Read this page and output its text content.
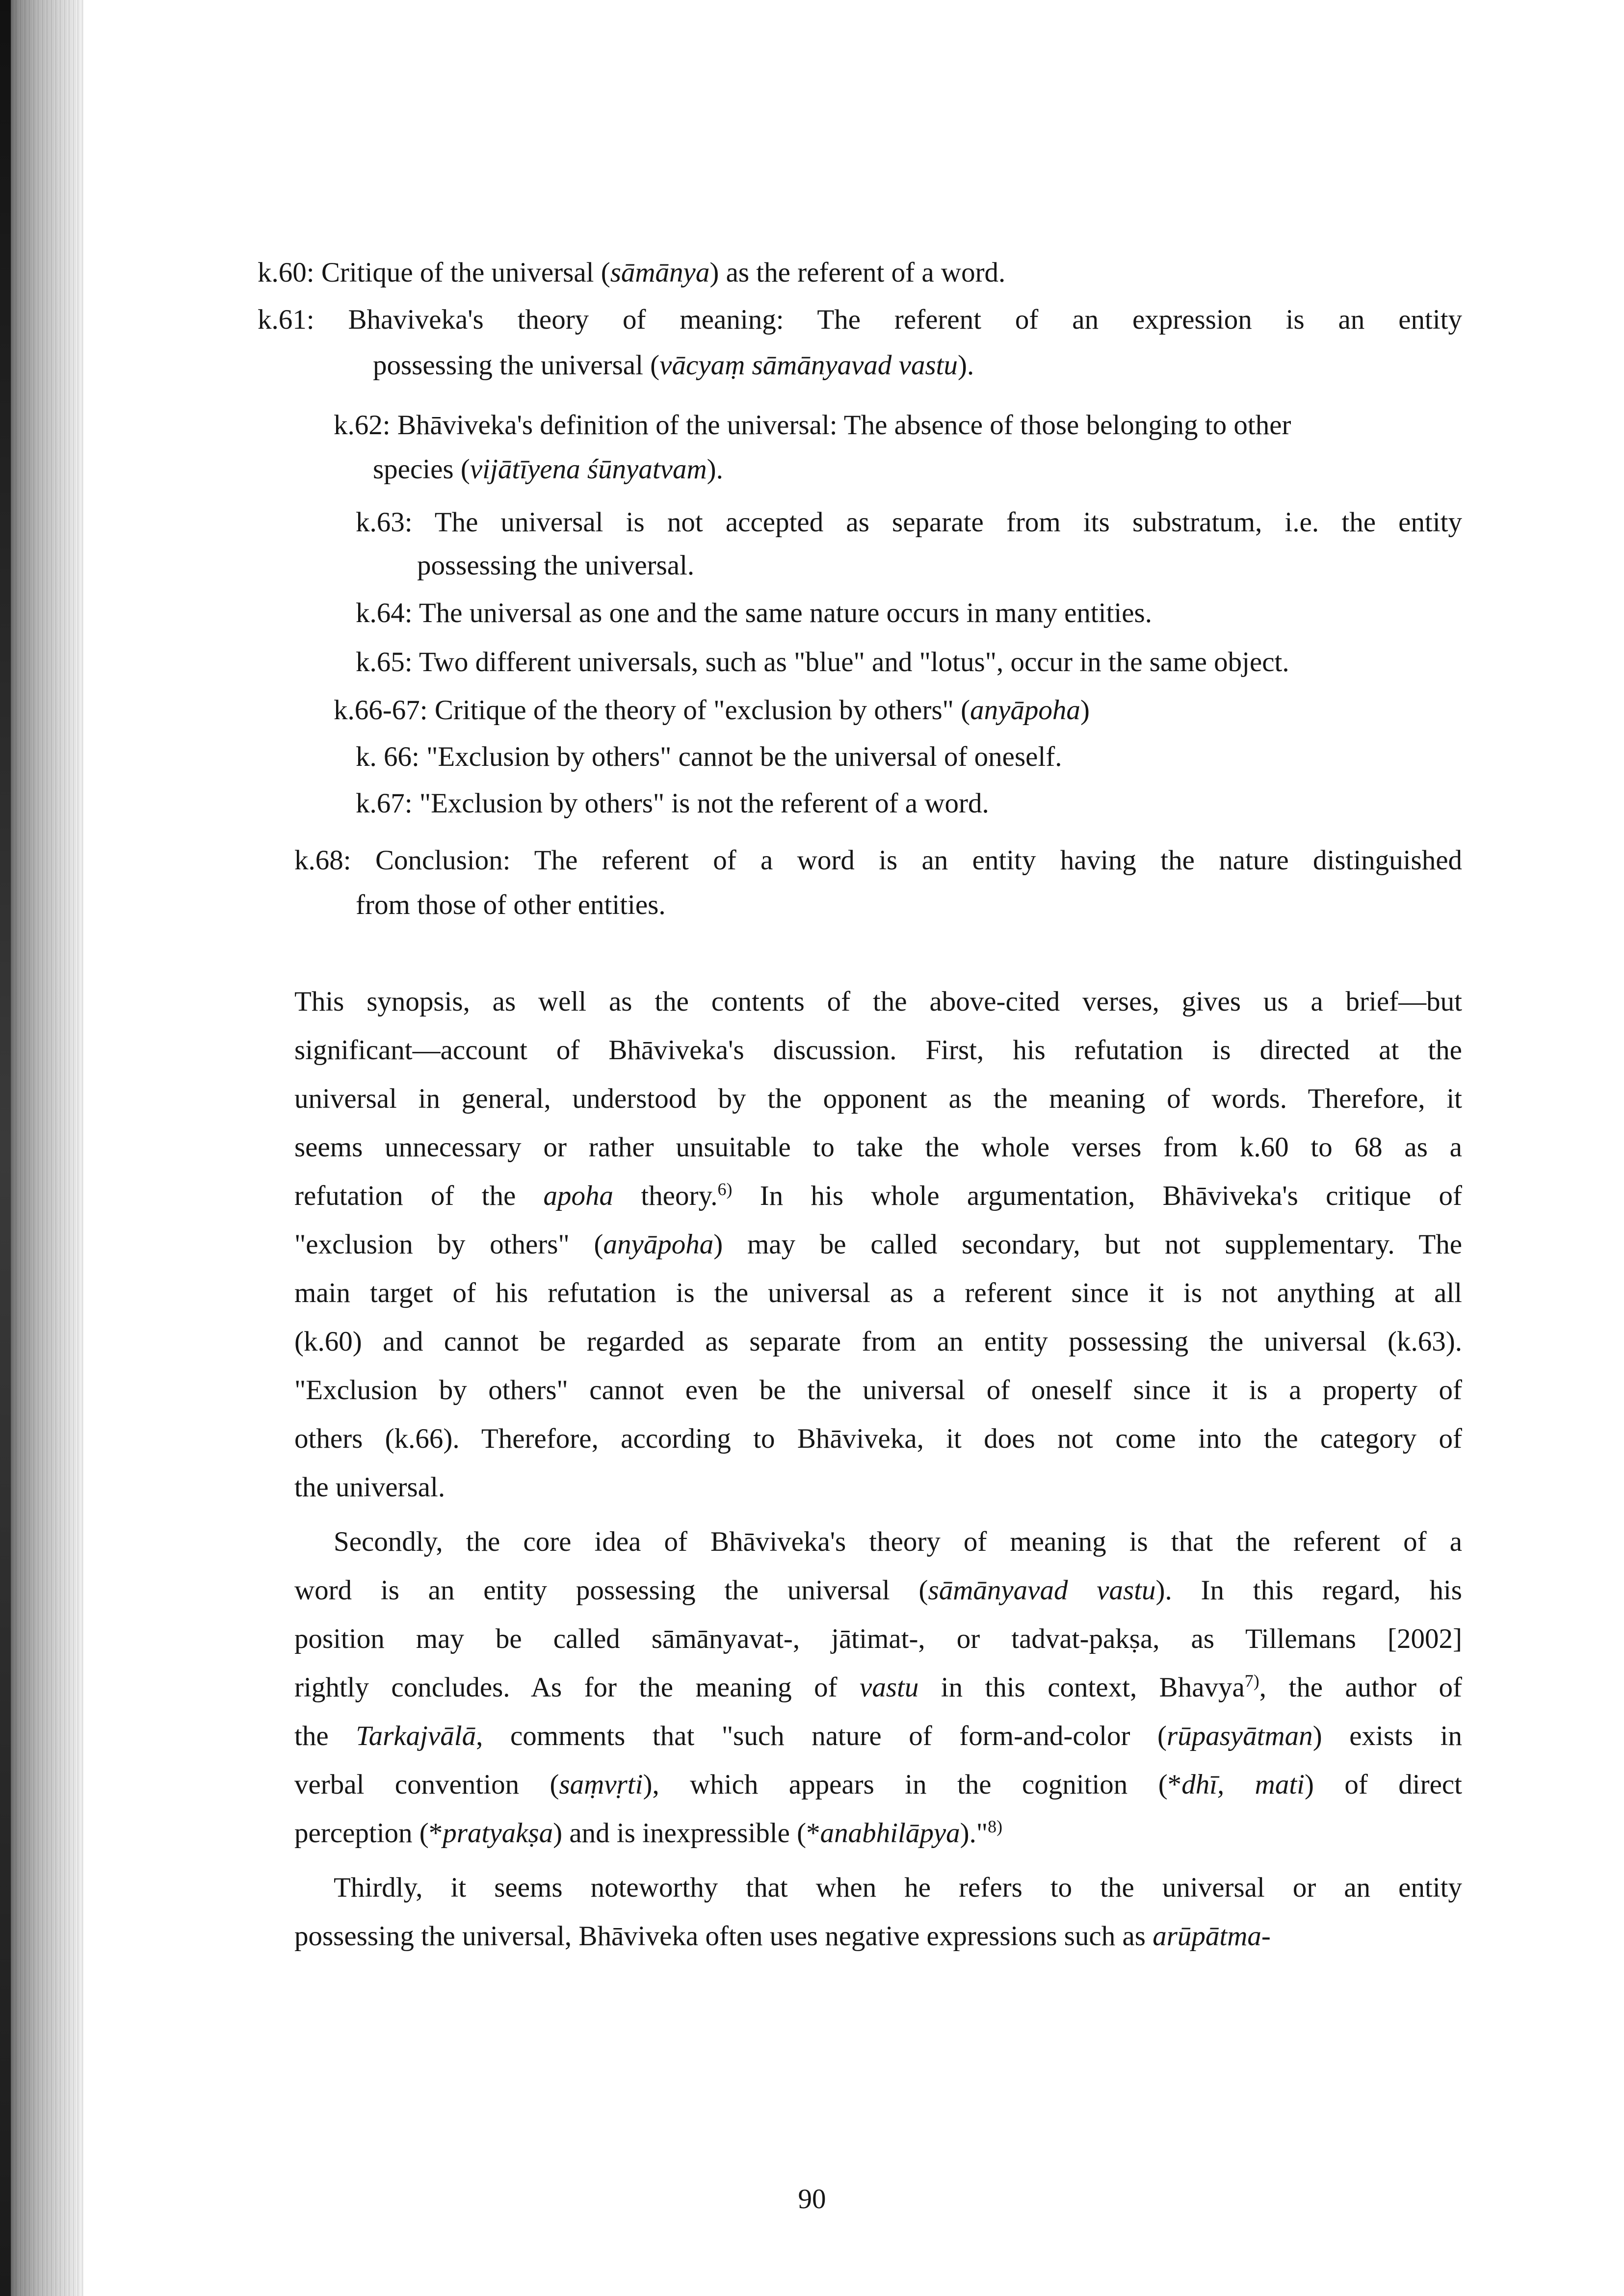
k.60: Critique of the universal (sāmānya) as the referent of a word.
k.61: Bhaviveka's theory of meaning: The referent of an expression is an entity
possessing the universal (vācyaṃ sāmānyavad vastu).
k.62: Bhāviveka's definition of the universal: The absence of those belonging to other
species (vijātīyena śūnyatvam).
k.63: The universal is not accepted as separate from its substratum, i.e. the entity
possessing the universal.
k.64: The universal as one and the same nature occurs in many entities.
k.65: Two different universals, such as "blue" and "lotus", occur in the same object.
k.66-67: Critique of the theory of "exclusion by others" (anyāpoha)
k. 66: "Exclusion by others" cannot be the universal of oneself.
k.67: "Exclusion by others" is not the referent of a word.
k.68: Conclusion: The referent of a word is an entity having the nature distinguished
from those of other entities.
This synopsis, as well as the contents of the above-cited verses, gives us a brief—but
significant—account of Bhāviveka's discussion. First, his refutation is directed at the
universal in general, understood by the opponent as the meaning of words. Therefore, it
seems unnecessary or rather unsuitable to take the whole verses from k.60 to 68 as a
refutation of the apoha theory.$^{6)}$ In his whole argumentation, Bhāviveka's critique of
"exclusion by others" (anyāpoha) may be called secondary, but not supplementary. The
main target of his refutation is the universal as a referent since it is not anything at all
(k.60) and cannot be regarded as separate from an entity possessing the universal (k.63).
"Exclusion by others" cannot even be the universal of oneself since it is a property of
others (k.66). Therefore, according to Bhāviveka, it does not come into the category of
the universal.
Secondly, the core idea of Bhāviveka's theory of meaning is that the referent of a
word is an entity possessing the universal (sāmānyavad vastu). In this regard, his
position may be called sāmānyavat-, jātimat-, or tadvat-pakṣa, as Tillemans [2002]
rightly concludes. As for the meaning of vastu in this context, Bhavya$^{7)}$, the author of
the Tarkajvālā, comments that "such nature of form-and-color (rūpasyātman) exists in
verbal convention (saṃvṛti), which appears in the cognition (*dhī, mati) of direct
perception (*pratyakṣa) and is inexpressible (*anabhilāpya)."$^{8)}$
Thirdly, it seems noteworthy that when he refers to the universal or an entity
possessing the universal, Bhāviveka often uses negative expressions such as arūpātma-
90
